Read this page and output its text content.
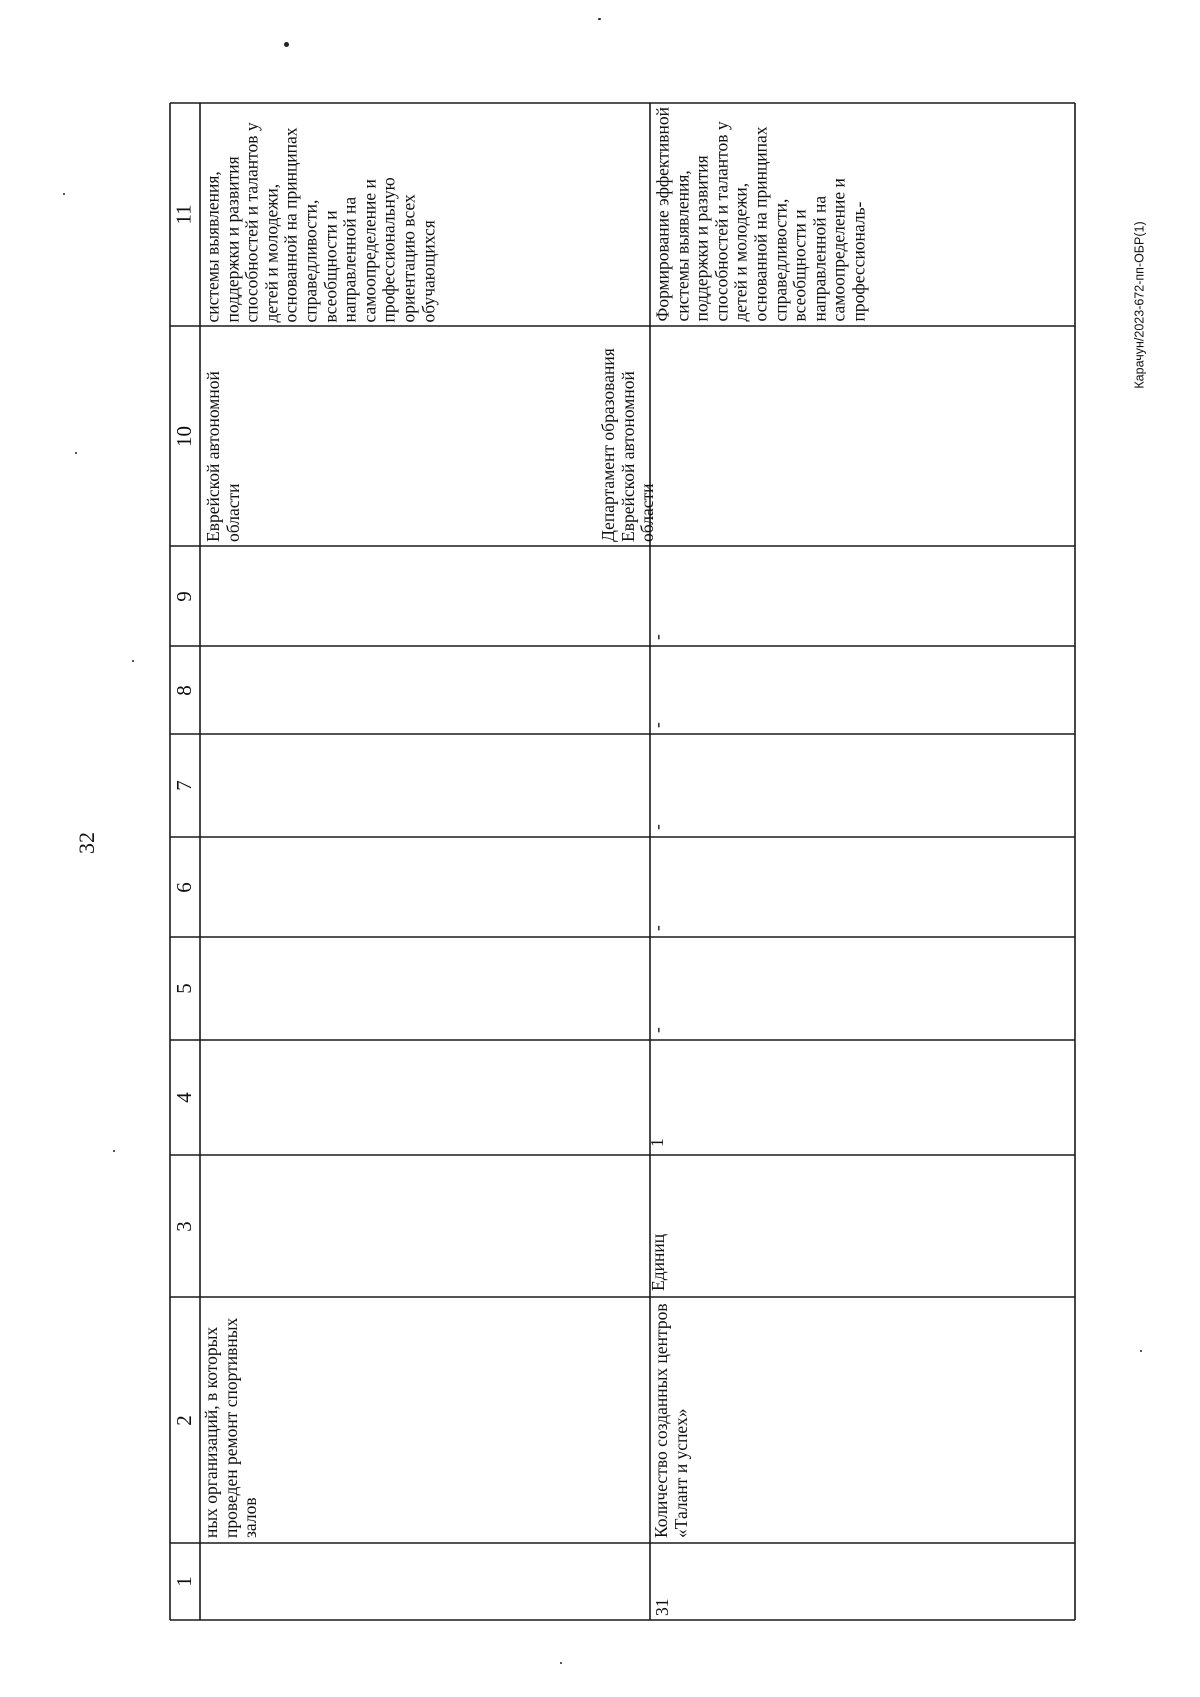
32
Карачун/2023-672-пп-ОБР(1)
1
2
3
4
5
6
7
8
9
10
11
ных организаций, в которых проведен ремонт спортивных залов
Еврейской автономной области
системы выявления, поддержки и развития способностей и талантов у детей и молодежи, основанной на принципах справедливости, всеобщности и направленной на самоопределение и профессиональную ориентацию всех обучающихся
31
Количество созданных центров «Талант и успех»
Единиц
1
-
-
-
-
-
Департамент образования Еврейской автономной области
Формирование эффективной системы выявления, поддержки и развития способностей и талантов у детей и молодежи, основанной на принципах справедливости, всеобщности и направленной на самоопределение и профессиональ-
